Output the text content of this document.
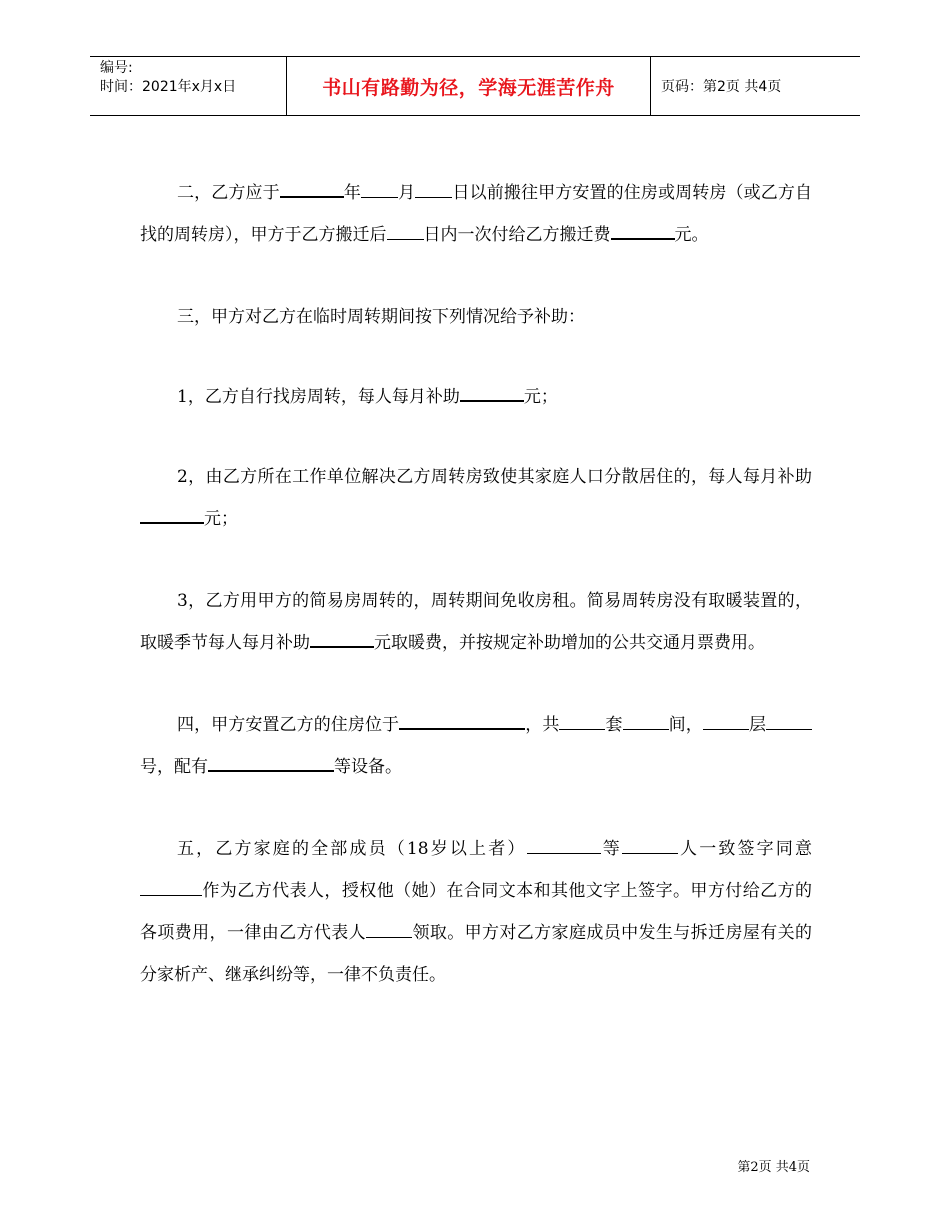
编号:
时间：2021年x月x日	书山有路勤为径，学海无涯苦作舟	页码：第2页 共4页

二，乙方应于	年 月 日以前搬往甲方安置的住房或周转房（或乙方自找的周转房），甲方于乙方搬迁后 日内一次付给乙方搬迁费	元。

三，甲方对乙方在临时周转期间按下列情况给予补助：

1，乙方自行找房周转，每人每月补助	元；

2，由乙方所在工作单位解决乙方周转房致使其家庭人口分散居住的，每人每月补助元；

3，乙方用甲方的简易房周转的，周转期间免收房租。简易周转房没有取暖装置的，取暖季节每人每月补助	元取暖费，并按规定补助增加的公共交通月票费用。

四，甲方安置乙方的住房位于	，共	套	间，	层号，配有	等设备。

五，乙方家庭的全部成员（18岁以上者）	等	人一致签字同意作为乙方代表人，授权他（她）在合同文本和其他文字上签字。甲方付给乙方的各项费用，一律由乙方代表人	领取。甲方对乙方家庭成员中发生与拆迁房屋有关的分家析产、继承纠纷等，一律不负责任。

第2页 共4页
